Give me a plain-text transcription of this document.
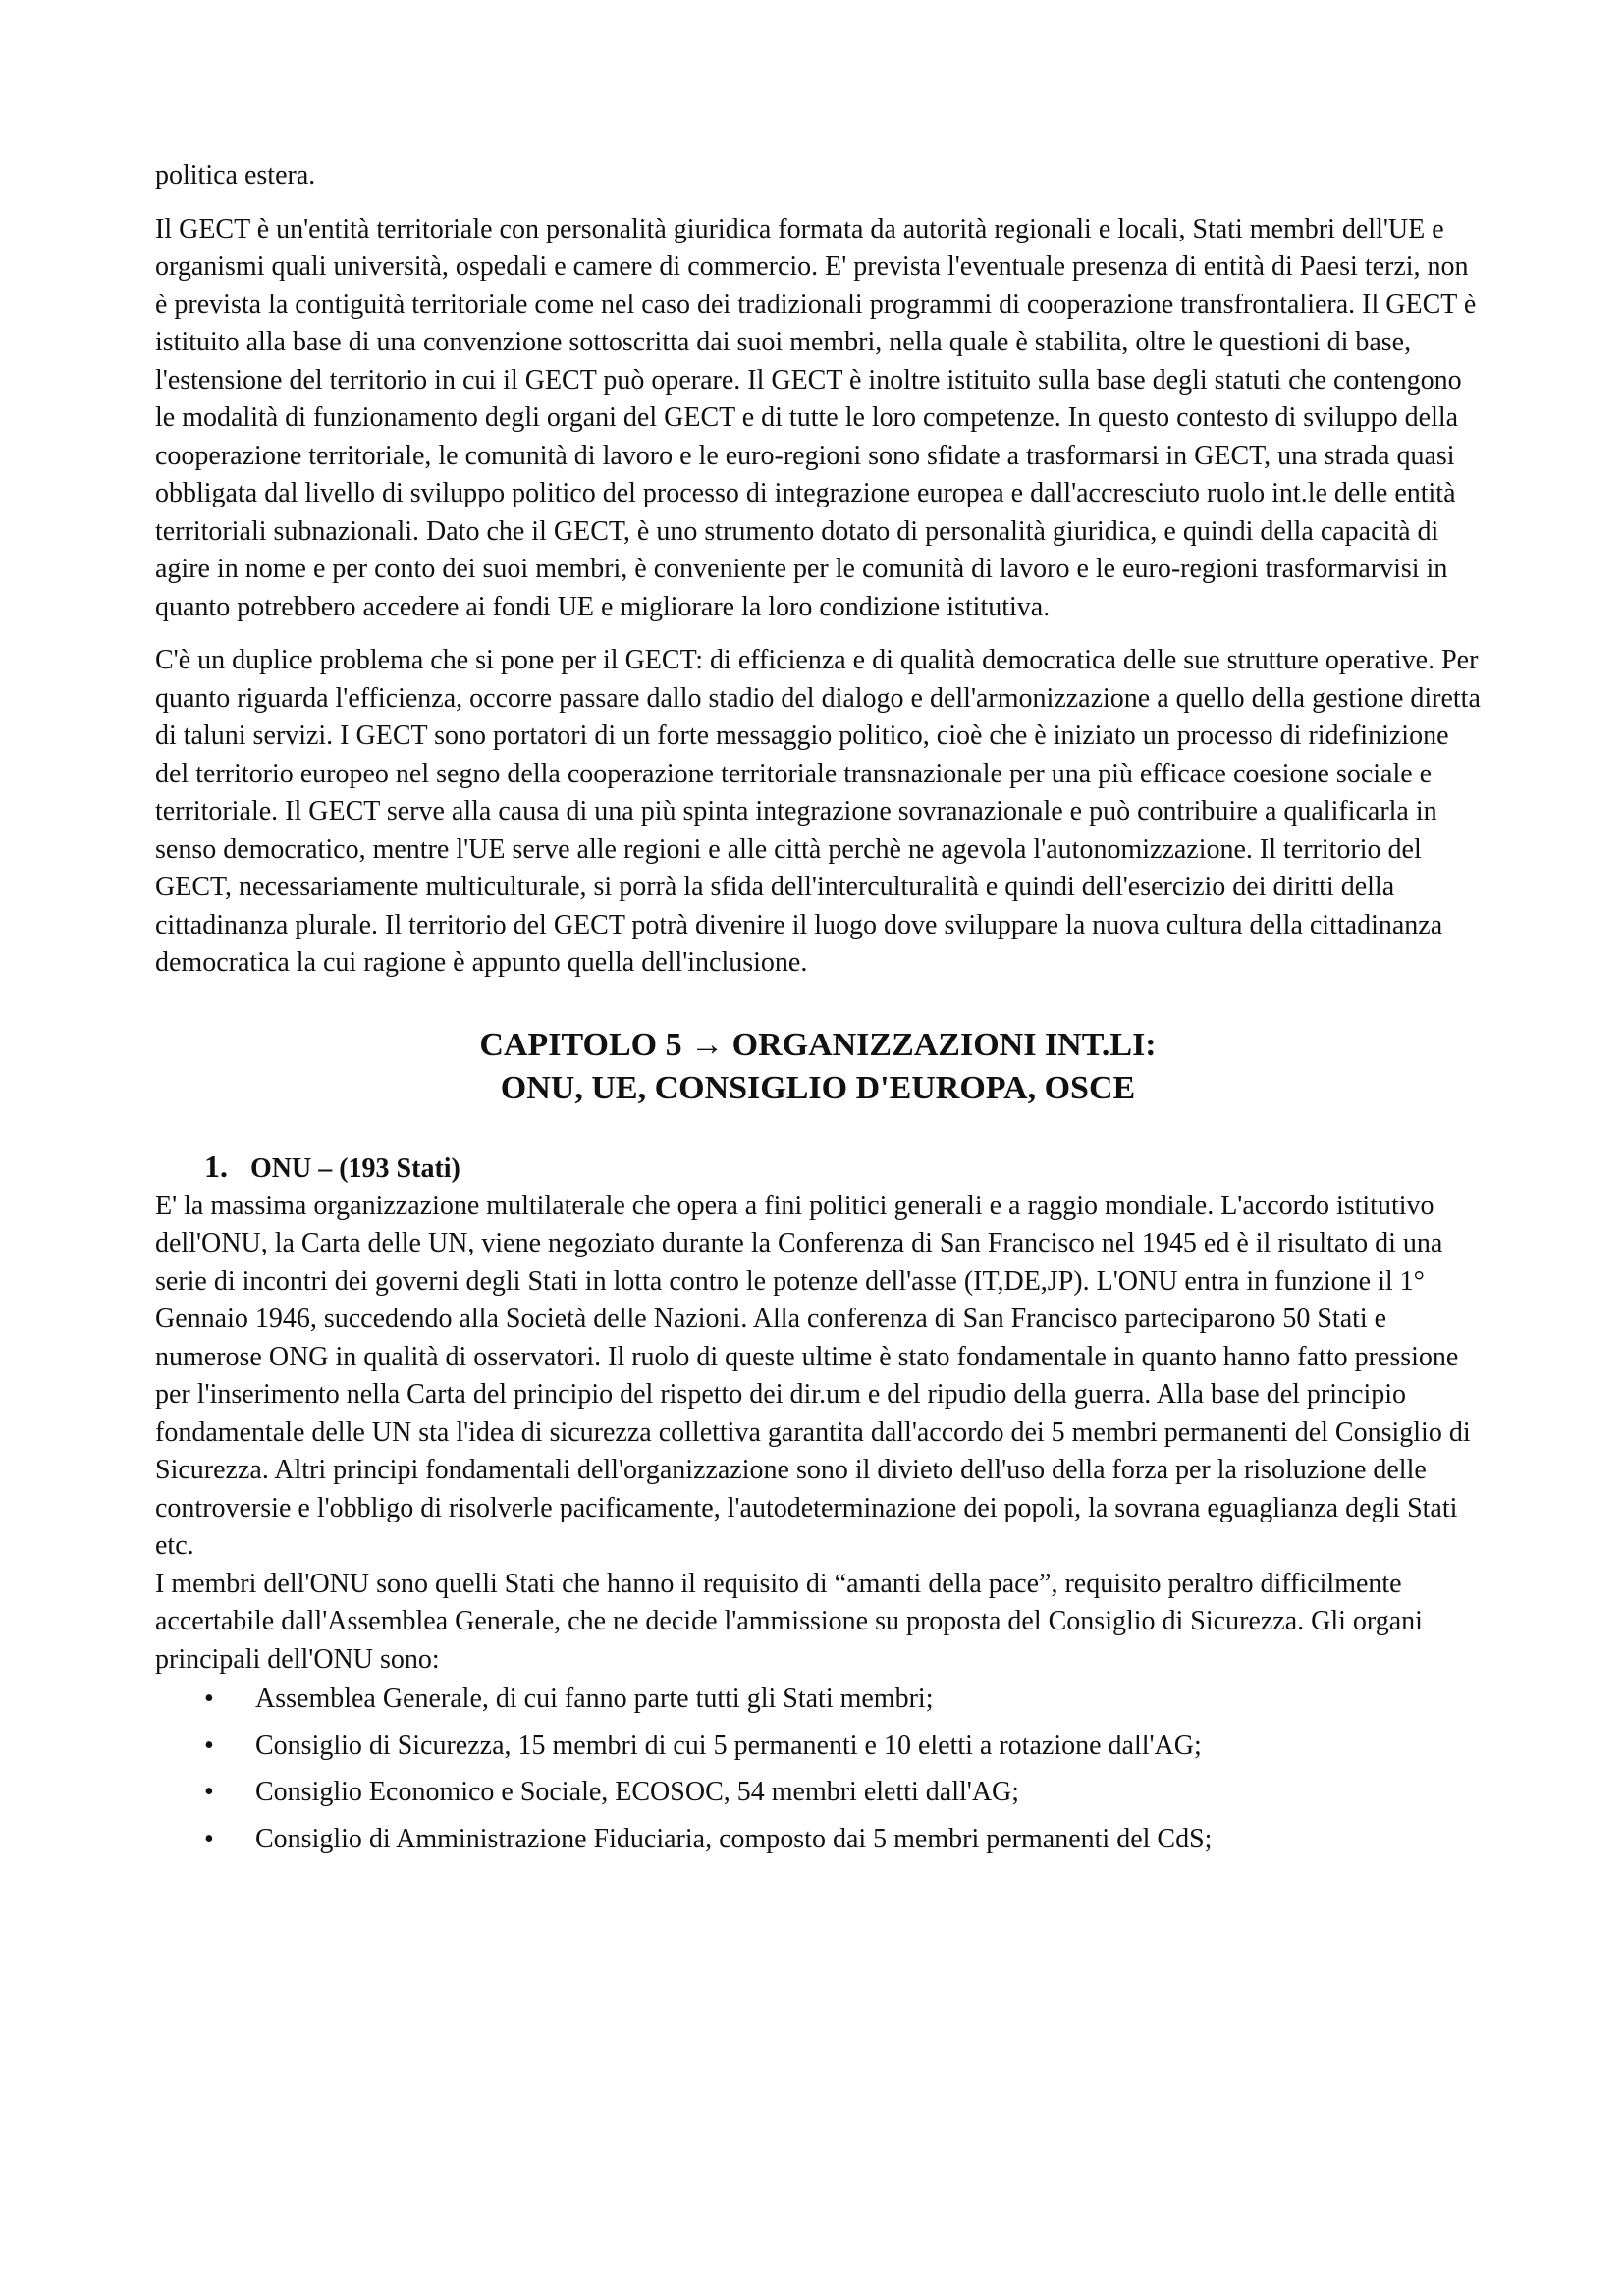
politica estera.

Il GECT è un'entità territoriale con personalità giuridica formata da autorità regionali e locali, Stati membri dell'UE e organismi quali università, ospedali e camere di commercio. E' prevista l'eventuale presenza di entità di Paesi terzi, non è prevista la contiguità territoriale come nel caso dei tradizionali programmi di cooperazione transfrontaliera. Il GECT è istituito alla base di una convenzione sottoscritta dai suoi membri, nella quale è stabilita, oltre le questioni di base, l'estensione del territorio in cui il GECT può operare. Il GECT è inoltre istituito sulla base degli statuti che contengono le modalità di funzionamento degli organi del GECT e di tutte le loro competenze. In questo contesto di sviluppo della cooperazione territoriale, le comunità di lavoro e le euro-regioni sono sfidate a trasformarsi in GECT, una strada quasi obbligata dal livello di sviluppo politico del processo di integrazione europea e dall'accresciuto ruolo int.le delle entità territoriali subnazionali. Dato che il GECT, è uno strumento dotato di personalità giuridica, e quindi della capacità di agire in nome e per conto dei suoi membri, è conveniente per le comunità di lavoro e le euro-regioni trasformarvisi in quanto potrebbero accedere ai fondi UE e migliorare la loro condizione istitutiva.

C'è un duplice problema che si pone per il GECT: di efficienza e di qualità democratica delle sue strutture operative. Per quanto riguarda l'efficienza, occorre passare dallo stadio del dialogo e dell'armonizzazione a quello della gestione diretta di taluni servizi. I GECT sono portatori di un forte messaggio politico, cioè che è iniziato un processo di ridefinizione del territorio europeo nel segno della cooperazione territoriale transnazionale per una più efficace coesione sociale e territoriale. Il GECT serve alla causa di una più spinta integrazione sovranazionale e può contribuire a qualificarla in senso democratico, mentre l'UE serve alle regioni e alle città perchè ne agevola l'autonomizzazione. Il territorio del GECT, necessariamente multiculturale, si porrà la sfida dell'interculturalità e quindi dell'esercizio dei diritti della cittadinanza plurale. Il territorio del GECT potrà divenire il luogo dove sviluppare la nuova cultura della cittadinanza democratica la cui ragione è appunto quella dell'inclusione.

CAPITOLO 5 → ORGANIZZAZIONI INT.LI:
ONU, UE, CONSIGLIO D'EUROPA, OSCE
1. ONU – (193 Stati)

E' la massima organizzazione multilaterale che opera a fini politici generali e a raggio mondiale. L'accordo istitutivo dell'ONU, la Carta delle UN, viene negoziato durante la Conferenza di San Francisco nel 1945 ed è il risultato di una serie di incontri dei governi degli Stati in lotta contro le potenze dell'asse (IT,DE,JP). L'ONU entra in funzione il 1° Gennaio 1946, succedendo alla Società delle Nazioni. Alla conferenza di San Francisco parteciparono 50 Stati e numerose ONG in qualità di osservatori. Il ruolo di queste ultime è stato fondamentale in quanto hanno fatto pressione per l'inserimento nella Carta del principio del rispetto dei dir.um e del ripudio della guerra. Alla base del principio fondamentale delle UN sta l'idea di sicurezza collettiva garantita dall'accordo dei 5 membri permanenti del Consiglio di Sicurezza. Altri principi fondamentali dell'organizzazione sono il divieto dell'uso della forza per la risoluzione delle controversie e l'obbligo di risolverle pacificamente, l'autodeterminazione dei popoli, la sovrana eguaglianza degli Stati etc.

I membri dell'ONU sono quelli Stati che hanno il requisito di “amanti della pace”, requisito peraltro difficilmente accertabile dall'Assemblea Generale, che ne decide l'ammissione su proposta del Consiglio di Sicurezza. Gli organi principali dell'ONU sono:

• Assemblea Generale, di cui fanno parte tutti gli Stati membri;
• Consiglio di Sicurezza, 15 membri di cui 5 permanenti e 10 eletti a rotazione dall'AG;
• Consiglio Economico e Sociale, ECOSOC, 54 membri eletti dall'AG;
• Consiglio di Amministrazione Fiduciaria, composto dai 5 membri permanenti del CdS;
